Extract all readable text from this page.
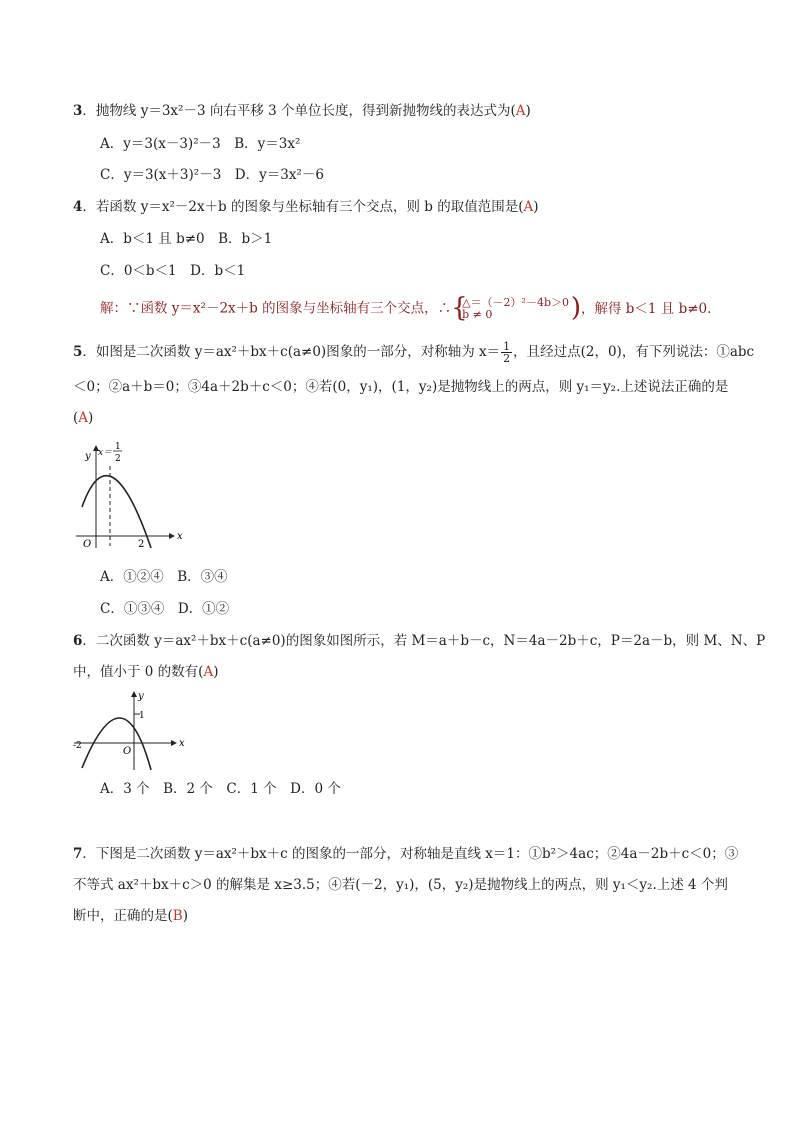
3．抛物线 y＝3x²－3 向右平移 3 个单位长度，得到新抛物线的表达式为(A)
A．y＝3(x－3)²－3　B．y＝3x²
C．y＝3(x＋3)²－3　D．y＝3x²－6
4．若函数 y＝x²－2x＋b 的图象与坐标轴有三个交点，则 b 的取值范围是(A)
A．b＜1 且 b≠0　B．b＞1
C．0＜b＜1　D．b＜1
解：∵函数 y＝x²－2x＋b 的图象与坐标轴有三个交点，∴ {
△＝（－2）²－4b＞0
b ≠ 0	) ，解得 b＜1 且 b≠0.
5．如图是二次函数 y＝ax²＋bx＋c(a≠0)图象的一部分，对称轴为 $x= \frac{1}{2}$ ，且经过点(2，0)，有下列说法：①abc
＜0；②a＋b＝0；③4a＋2b＋c＜0；④若(0，y₁)，(1，y₂)是抛物线上的两点，则 y₁＝y₂.上述说法正确的是
(A)
y
x
O	2
x＝
1
2
A．①②④　B．③④
C．①③④　D．①②
6．二次函数 y＝ax²＋bx＋c(a≠0)的图象如图所示，若 M＝a＋b－c，N＝4a－2b＋c，P＝2a－b，则 M、N、P
中，值小于 0 的数有(A)
y
x
O
1
-2
A．3 个　B．2 个　C．1 个　D．0 个
7．下图是二次函数 y＝ax²＋bx＋c 的图象的一部分，对称轴是直线 x＝1：①b²＞4ac；②4a－2b＋c＜0；③
不等式 ax²＋bx＋c＞0 的解集是 x≥3.5；④若(－2，y₁)，(5，y₂)是抛物线上的两点，则 y₁＜y₂.上述 4 个判
断中，正确的是(B)
